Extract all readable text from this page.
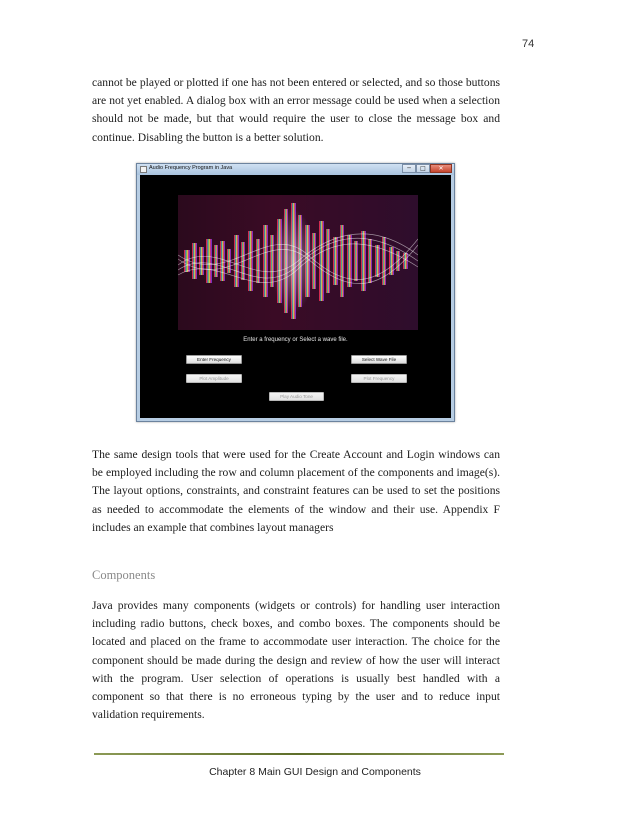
74

cannot be played or plotted if one has not been entered or selected, and so those buttons are not yet enabled. A dialog box with an error message could be used when a selection should not be made, but that would require the user to close the message box and continue. Disabling the button is a better solution.

Audio Frequency Program in Java	─	□	✕
Enter a frequency or Select a wave file.
Enter Frequency	Select Wave File
Plot Amplitude	Plot Frequency
Play Audio Tone

The same design tools that were used for the Create Account and Login windows can be employed including the row and column placement of the components and image(s). The layout options, constraints, and constraint features can be used to set the positions as needed to accommodate the elements of the window and their use. Appendix F includes an example that combines layout managers

Components

Java provides many components (widgets or controls) for handling user interaction including radio buttons, check boxes, and combo boxes. The components should be located and placed on the frame to accommodate user interaction. The choice for the component should be made during the design and review of how the user will interact with the program. User selection of operations is usually best handled with a component so that there is no erroneous typing by the user and to reduce input validation requirements.

Chapter 8 Main GUI Design and Components
